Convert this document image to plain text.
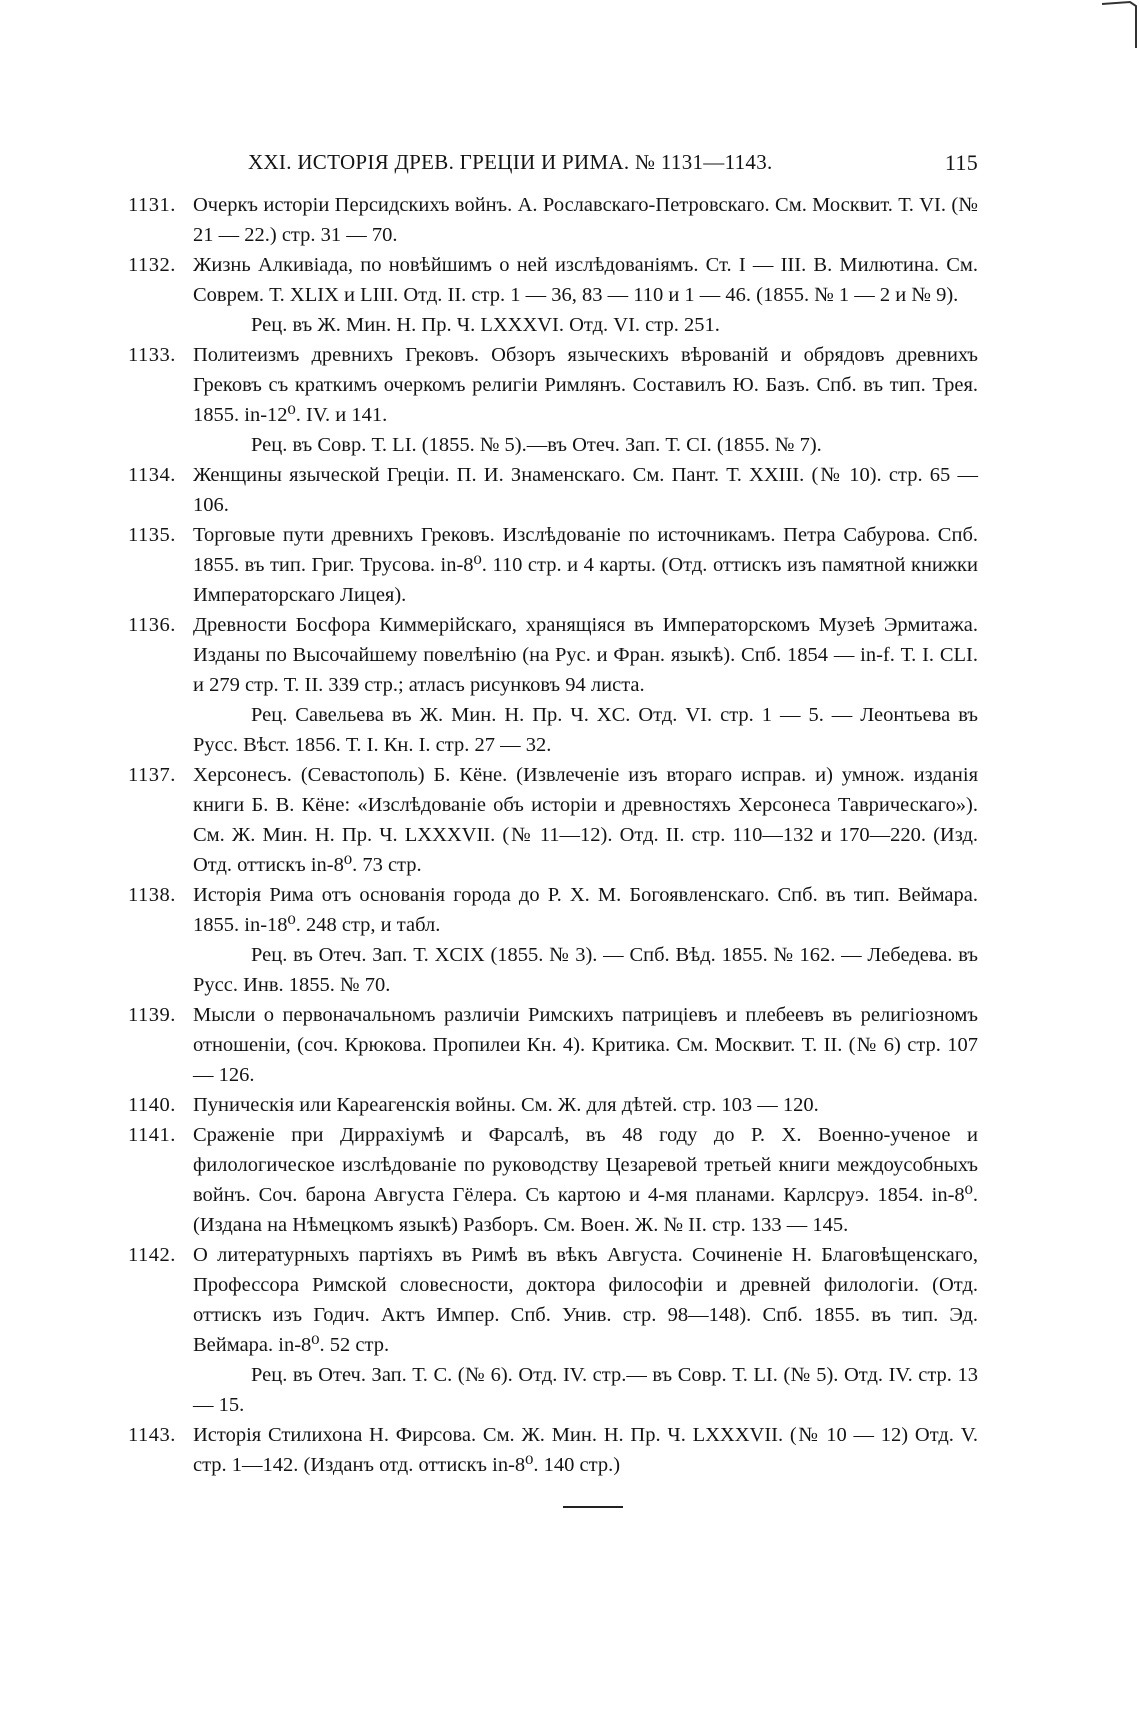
XXI. ИСТОРІЯ ДРЕВ. ГРЕЦІИ И РИМА. № 1131—1143.	115
1131. Очеркъ исторіи Персидскихъ войнъ. А. Рославскаго-Петровскаго. См. Москвит. Т. VI. (№ 21 — 22.) стр. 31 — 70.
1132. Жизнь Алкивіада, по новѣйшимъ о ней изслѣдованіямъ. Ст. I — III. В. Милютина. См. Соврем. Т. XLIX и LIII. Отд. II. стр. 1 — 36, 83 — 110 и 1 — 46. (1855. № 1 — 2 и № 9).
Рец. въ Ж. Мин. Н. Пр. Ч. LXXXVI. Отд. VI. стр. 251.
1133. Политеизмъ древнихъ Грековъ. Обзоръ языческихъ вѣрованій и обрядовъ древнихъ Грековъ съ краткимъ очеркомъ религіи Римлянъ. Составилъ Ю. Базъ. Спб. въ тип. Трея. 1855. in-12⁰. IV. и 141.
Рец. въ Совр. Т. LI. (1855. № 5).—въ Отеч. Зап. Т. CI. (1855. № 7).
1134. Женщины языческой Греціи. П. И. Знаменскаго. См. Пант. Т. XXIII. (№ 10). стр. 65 — 106.
1135. Торговые пути древнихъ Грековъ. Изслѣдованіе по источникамъ. Петра Сабурова. Спб. 1855. въ тип. Григ. Трусова. in-8⁰. 110 стр. и 4 карты. (Отд. оттискъ изъ памятной книжки Императорскаго Лицея).
1136. Древности Босфора Киммерійскаго, хранящіяся въ Императорскомъ Музеѣ Эрмитажа. Изданы по Высочайшему повелѣнію (на Рус. и Фран. языкѣ). Спб. 1854 — in-f. Т. I. CLI. и 279 стр. Т. II. 339 стр.; атласъ рисунковъ 94 листа.
Рец. Савельева въ Ж. Мин. Н. Пр. Ч. XC. Отд. VI. стр. 1 — 5. — Леонтьева въ Русс. Вѣст. 1856. Т. I. Кн. I. стр. 27 — 32.
1137. Херсонесъ. (Севастополь) Б. Кёне. (Извлеченіе изъ втораго исправ. и) умнож. изданія книги Б. В. Кёне: «Изслѣдованіе объ исторіи и древностяхъ Херсонеса Таврическаго»). См. Ж. Мин. Н. Пр. Ч. LXXXVII. (№ 11—12). Отд. II. стр. 110—132 и 170—220. (Изд. Отд. оттискъ in-8⁰. 73 стр.
1138. Исторія Рима отъ основанія города до Р. Х. М. Богоявленскаго. Спб. въ тип. Веймара. 1855. in-18⁰. 248 стр, и табл.
Рец. въ Отеч. Зап. Т. XCIX (1855. № 3). — Спб. Вѣд. 1855. № 162. — Лебедева. въ Русс. Инв. 1855. № 70.
1139. Мысли о первоначальномъ различіи Римскихъ патриціевъ и плебеевъ въ религіозномъ отношеніи, (соч. Крюкова. Пропилеи Кн. 4). Критика. См. Москвит. Т. II. (№ 6) стр. 107 — 126.
1140. Пуническія или Кареагенскія войны. См. Ж. для дѣтей. стр. 103 — 120.
1141. Сраженіе при Диррахіумѣ и Фарсалѣ, въ 48 году до Р. Х. Военно-ученое и филологическое изслѣдованіе по руководству Цезаревой третьей книги междоусобныхъ войнъ. Соч. барона Августа Гёлера. Съ картою и 4-мя планами. Карлсруэ. 1854. in-8⁰. (Издана на Нѣмецкомъ языкѣ) Разборъ. См. Воен. Ж. № II. стр. 133 — 145.
1142. О литературныхъ партіяхъ въ Римѣ въ вѣкъ Августа. Сочиненіе Н. Благовѣщенскаго, Профессора Римской словесности, доктора философіи и древней филологіи. (Отд. оттискъ изъ Годич. Актъ Импер. Спб. Унив. стр. 98—148). Спб. 1855. въ тип. Эд. Веймара. in-8⁰. 52 стр.
Рец. въ Отеч. Зап. Т. C. (№ 6). Отд. IV. стр.— въ Совр. Т. LI. (№ 5). Отд. IV. стр. 13 — 15.
1143. Исторія Стилихона Н. Фирсова. См. Ж. Мин. Н. Пр. Ч. LXXXVII. (№ 10 — 12) Отд. V. стр. 1—142. (Изданъ отд. оттискъ in-8⁰. 140 стр.)
